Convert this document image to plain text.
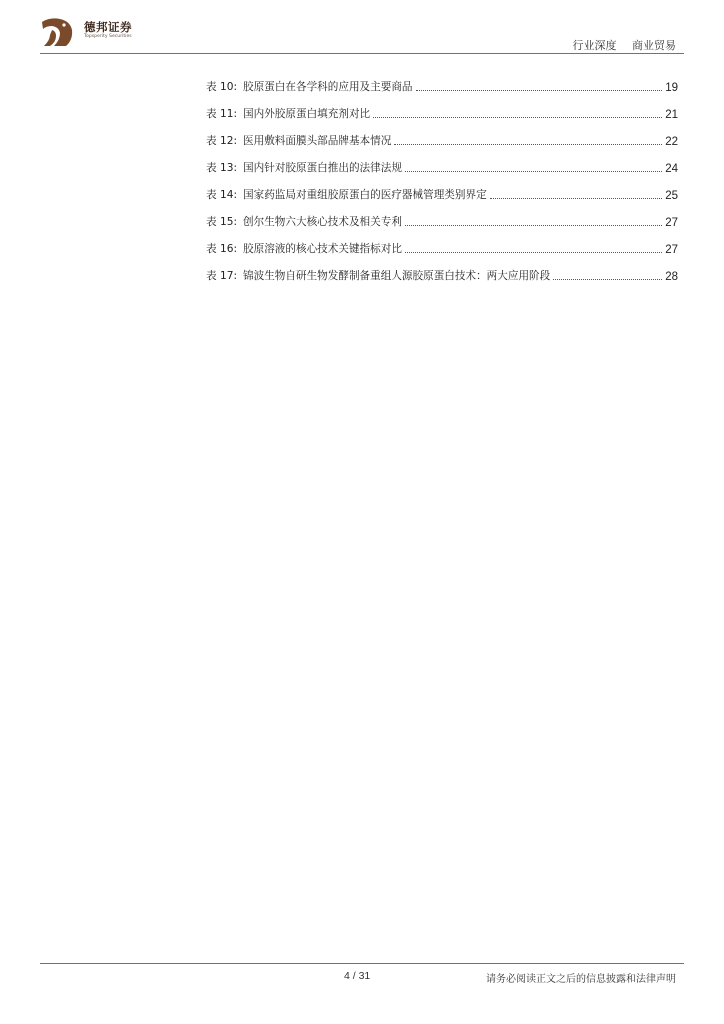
德邦证券
Topsperity Securities
行业深度 商业贸易
表 10: 胶原蛋白在各学科的应用及主要商品	19
表 11: 国内外胶原蛋白填充剂对比	21
表 12: 医用敷料面膜头部品牌基本情况	22
表 13: 国内针对胶原蛋白推出的法律法规	24
表 14: 国家药监局对重组胶原蛋白的医疗器械管理类别界定	25
表 15: 创尔生物六大核心技术及相关专利	27
表 16: 胶原溶液的核心技术关键指标对比	27
表 17: 锦波生物自研生物发酵制备重组人源胶原蛋白技术：两大应用阶段	28
4 / 31	请务必阅读正文之后的信息披露和法律声明
